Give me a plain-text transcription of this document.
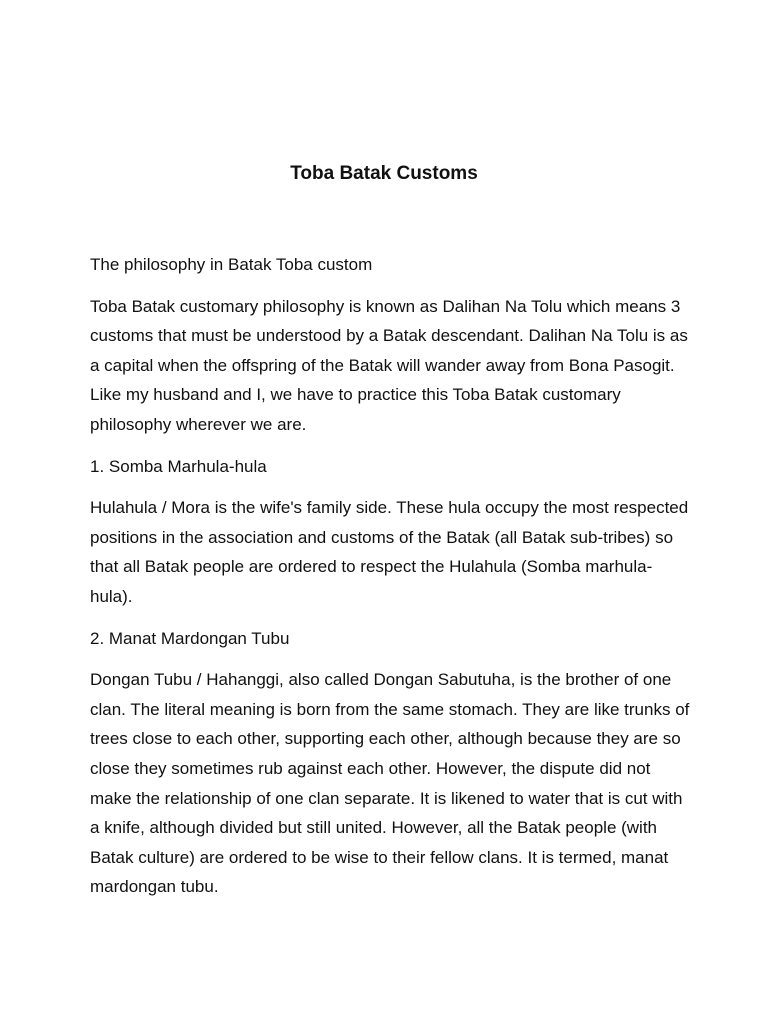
Toba Batak Customs

The philosophy in Batak Toba custom

Toba Batak customary philosophy is known as Dalihan Na Tolu which means 3 customs that must be understood by a Batak descendant. Dalihan Na Tolu is as a capital when the offspring of the Batak will wander away from Bona Pasogit. Like my husband and I, we have to practice this Toba Batak customary philosophy wherever we are.

1. Somba Marhula-hula

Hulahula / Mora is the wife's family side. These hula occupy the most respected positions in the association and customs of the Batak (all Batak sub-tribes) so that all Batak people are ordered to respect the Hulahula (Somba marhula-hula).

2. Manat Mardongan Tubu

Dongan Tubu / Hahanggi, also called Dongan Sabutuha, is the brother of one clan. The literal meaning is born from the same stomach. They are like trunks of trees close to each other, supporting each other, although because they are so close they sometimes rub against each other. However, the dispute did not make the relationship of one clan separate. It is likened to water that is cut with a knife, although divided but still united. However, all the Batak people (with Batak culture) are ordered to be wise to their fellow clans. It is termed, manat mardongan tubu.
